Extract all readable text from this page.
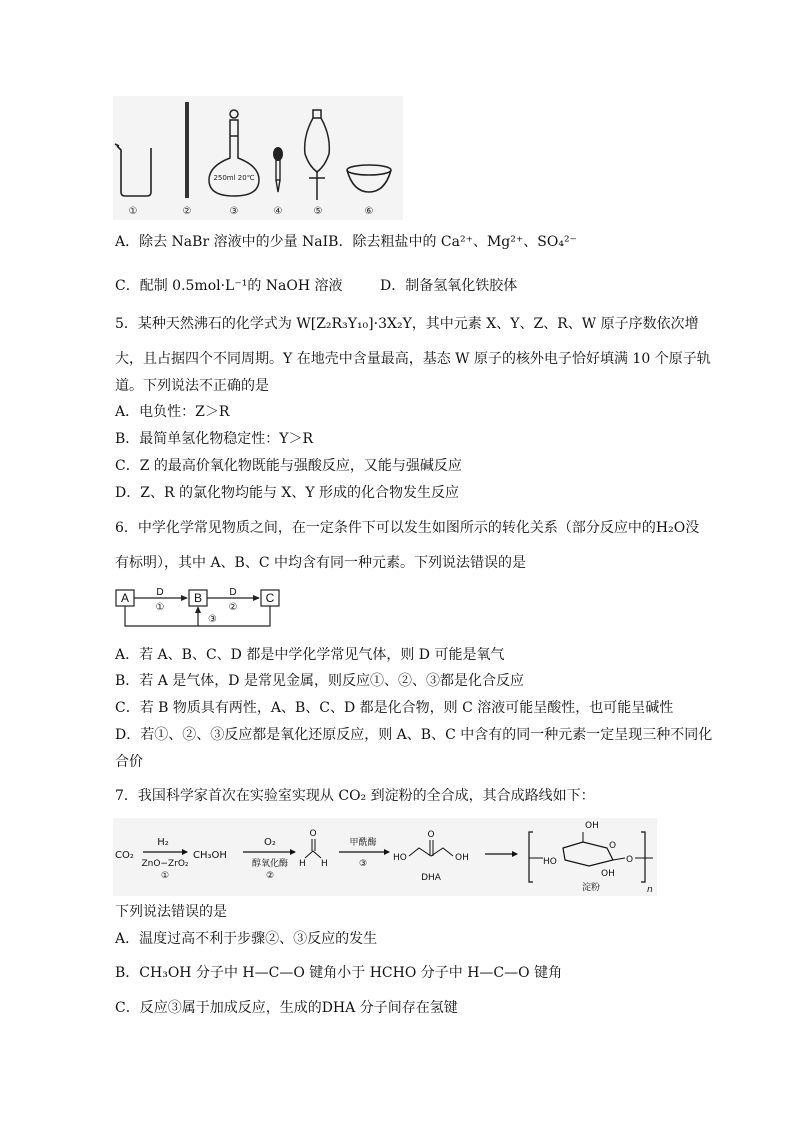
250ml 20℃
①	②	③	④	⑤	⑥
A．除去 NaBr 溶液中的少量 NaIB．除去粗盐中的 Ca²⁺、Mg²⁺、SO₄²⁻
C．配制 0.5mol·L⁻¹的 NaOH 溶液	D．制备氢氧化铁胶体
5．某种天然沸石的化学式为 W[Z₂R₃Y₁₀]·3X₂Y，其中元素 X、Y、Z、R、W 原子序数依次增
大，且占据四个不同周期。Y 在地壳中含量最高，基态 W 原子的核外电子恰好填满 10 个原子轨
道。下列说法不正确的是
A．电负性：Z＞R
B．最简单氢化物稳定性：Y＞R
C．Z 的最高价氧化物既能与强酸反应，又能与强碱反应
D．Z、R 的氯化物均能与 X、Y 形成的化合物发生反应
6．中学化学常见物质之间，在一定条件下可以发生如图所示的转化关系（部分反应中的H₂O没
有标明），其中 A、B、C 中均含有同一种元素。下列说法错误的是
A	B	C
D
①
D
②
③
A．若 A、B、C、D 都是中学化学常见气体，则 D 可能是氧气
B．若 A 是气体，D 是常见金属，则反应①、②、③都是化合反应
C．若 B 物质具有两性，A、B、C、D 都是化合物，则 C 溶液可能呈酸性，也可能呈碱性
D．若①、②、③反应都是氧化还原反应，则 A、B、C 中含有的同一种元素一定呈现三种不同化
合价
7．我国科学家首次在实验室实现从 CO₂ 到淀粉的全合成，其合成路线如下：
CO₂
H₂
ZnO−ZrO₂
①
CH₃OH
O₂
醇氧化酶
②
O
H H
甲酰酶
③
HO
O
OH
DHA
OH
HO
OH
O
O
淀粉	n
下列说法错误的是
A．温度过高不利于步骤②、③反应的发生
B．CH₃OH 分子中 H—C—O 键角小于 HCHO 分子中 H—C—O 键角
C．反应③属于加成反应，生成的DHA 分子间存在氢键
